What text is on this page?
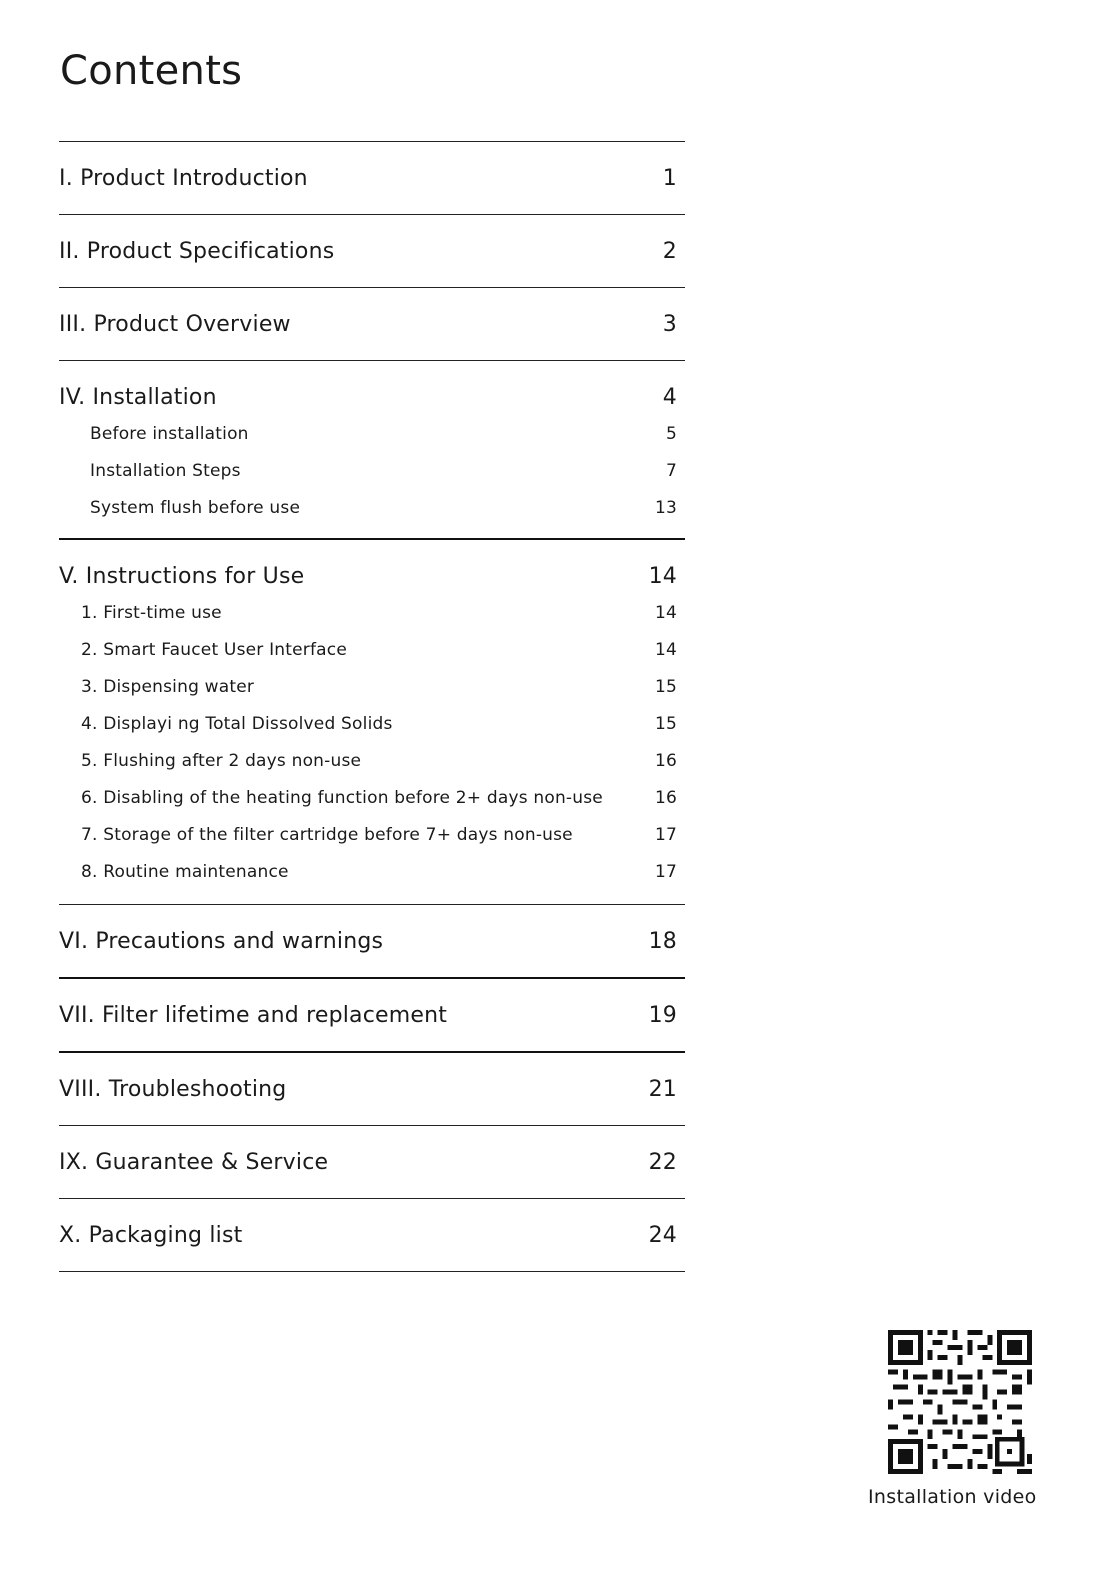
Contents
I. Product Introduction	1
II. Product Specifications	2
III. Product Overview	3
IV. Installation	4
Before installation	5
Installation Steps	7
System flush before use	13
V. Instructions for Use	14
1. First-time use	14
2. Smart Faucet User Interface	14
3. Dispensing water	15
4. Displayi ng Total Dissolved Solids	15
5. Flushing after 2 days non-use	16
6. Disabling of the heating function before 2+ days non-use	16
7. Storage of the filter cartridge before 7+ days non-use	17
8. Routine maintenance	17
VI. Precautions and warnings	18
VII. Filter lifetime and replacement	19
VIII. Troubleshooting	21
IX. Guarantee & Service	22
X. Packaging list	24
Installation video
